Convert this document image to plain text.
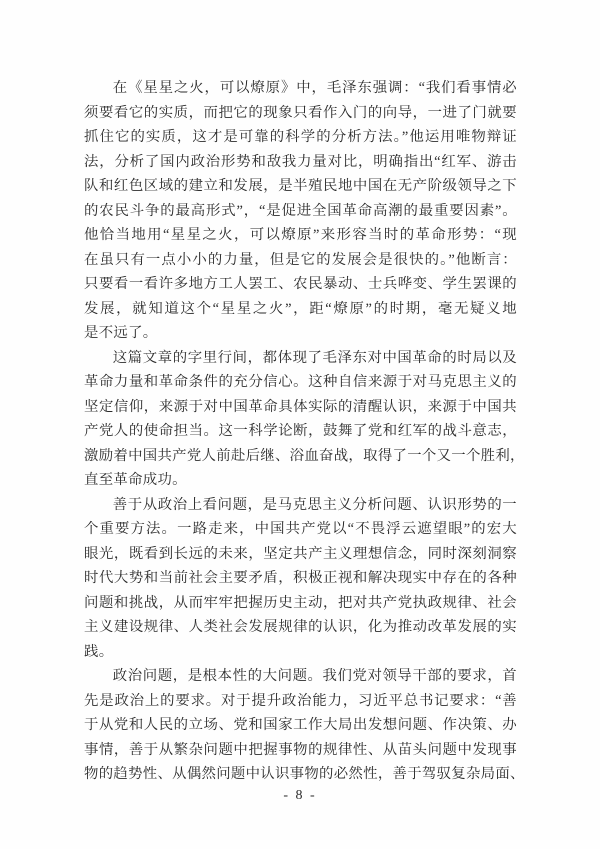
在《星星之火，可以燎原》中，毛泽东强调：“我们看事情必
须要看它的实质，而把它的现象只看作入门的向导，一进了门就要
抓住它的实质，这才是可靠的科学的分析方法。”他运用唯物辩证
法，分析了国内政治形势和敌我力量对比，明确指出“红军、游击
队和红色区域的建立和发展，是半殖民地中国在无产阶级领导之下
的农民斗争的最高形式”，“是促进全国革命高潮的最重要因素”。
他恰当地用“星星之火，可以燎原”来形容当时的革命形势：“现
在虽只有一点小小的力量，但是它的发展会是很快的。”他断言：
只要看一看许多地方工人罢工、农民暴动、士兵哗变、学生罢课的
发展，就知道这个“星星之火”，距“燎原”的时期，毫无疑义地
是不远了。
这篇文章的字里行间，都体现了毛泽东对中国革命的时局以及
革命力量和革命条件的充分信心。这种自信来源于对马克思主义的
坚定信仰，来源于对中国革命具体实际的清醒认识，来源于中国共
产党人的使命担当。这一科学论断，鼓舞了党和红军的战斗意志，
激励着中国共产党人前赴后继、浴血奋战，取得了一个又一个胜利，
直至革命成功。
善于从政治上看问题，是马克思主义分析问题、认识形势的一
个重要方法。一路走来，中国共产党以“不畏浮云遮望眼”的宏大
眼光，既看到长远的未来，坚定共产主义理想信念，同时深刻洞察
时代大势和当前社会主要矛盾，积极正视和解决现实中存在的各种
问题和挑战，从而牢牢把握历史主动，把对共产党执政规律、社会
主义建设规律、人类社会发展规律的认识，化为推动改革发展的实
践。
政治问题，是根本性的大问题。我们党对领导干部的要求，首
先是政治上的要求。对于提升政治能力，习近平总书记要求：“善
于从党和人民的立场、党和国家工作大局出发想问题、作决策、办
事情，善于从繁杂问题中把握事物的规律性、从苗头问题中发现事
物的趋势性、从偶然问题中认识事物的必然性，善于驾驭复杂局面、
- 8 -
